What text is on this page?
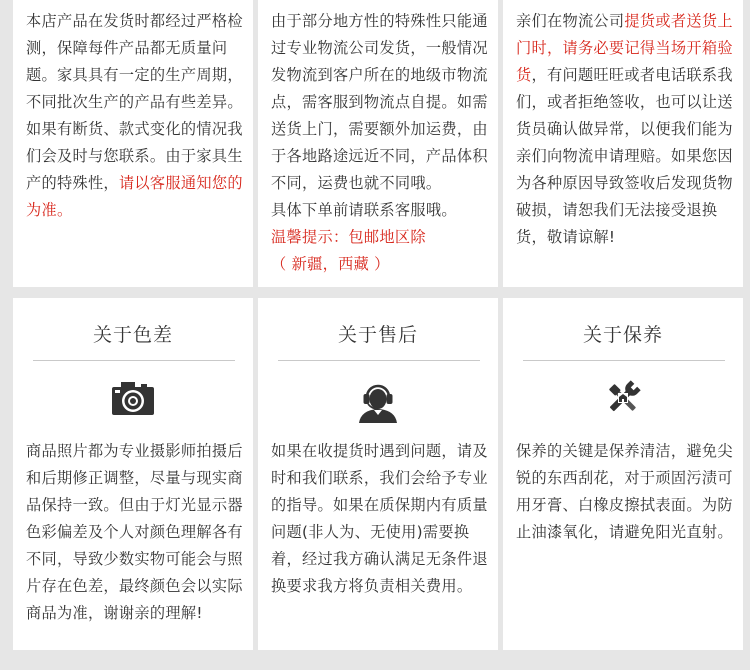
本店产品在发货时都经过严格检测，保障每件产品都无质量问题。家具具有一定的生产周期，不同批次生产的产品有些差异。如果有断货、款式变化的情况我们会及时与您联系。由于家具生产的特殊性，请以客服通知您的为准。

由于部分地方性的特殊性只能通过专业物流公司发货，一般情况发物流到客户所在的地级市物流点，需客服到物流点自提。如需送货上门，需要额外加运费，由于各地路途远近不同，产品体积不同，运费也就不同哦。
具体下单前请联系客服哦。
温馨提示：包邮地区除
（ 新疆，西藏 ）

亲们在物流公司提货或者送货上门时，请务必要记得当场开箱验货，有问题旺旺或者电话联系我们，或者拒绝签收，也可以让送货员确认做异常，以便我们能为亲们向物流申请理赔。如果您因为各种原因导致签收后发现货物破损，请恕我们无法接受退换货，敬请谅解!

关于色差

商品照片都为专业摄影师拍摄后和后期修正调整，尽量与现实商品保持一致。但由于灯光显示器色彩偏差及个人对颜色理解各有不同，导致少数实物可能会与照片存在色差，最终颜色会以实际商品为准，谢谢亲的理解!

关于售后

如果在收提货时遇到问题，请及时和我们联系，我们会给予专业的指导。如果在质保期内有质量问题(非人为、无使用)需要换着，经过我方确认满足无条件退换要求我方将负责相关费用。

关于保养

保养的关键是保养清洁，避免尖锐的东西刮花，对于顽固污渍可用牙膏、白橡皮擦拭表面。为防止油漆氧化，请避免阳光直射。
